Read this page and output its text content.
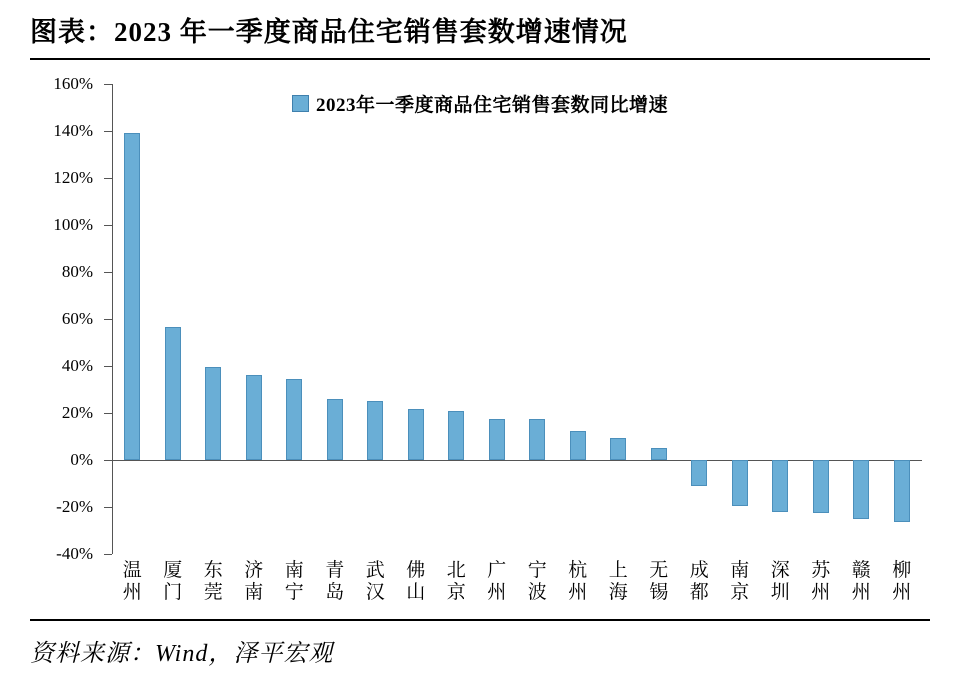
图表：2023 年一季度商品住宅销售套数增速情况
2023年一季度商品住宅销售套数同比增速
160%
140%
120%
100%
80%
60%
40%
20%
0%
-20%
-40%
温
州
厦
门
东
莞
济
南
南
宁
青
岛
武
汉
佛
山
北
京
广
州
宁
波
杭
州
上
海
无
锡
成
都
南
京
深
圳
苏
州
赣
州
柳
州
资料来源：Wind，泽平宏观
